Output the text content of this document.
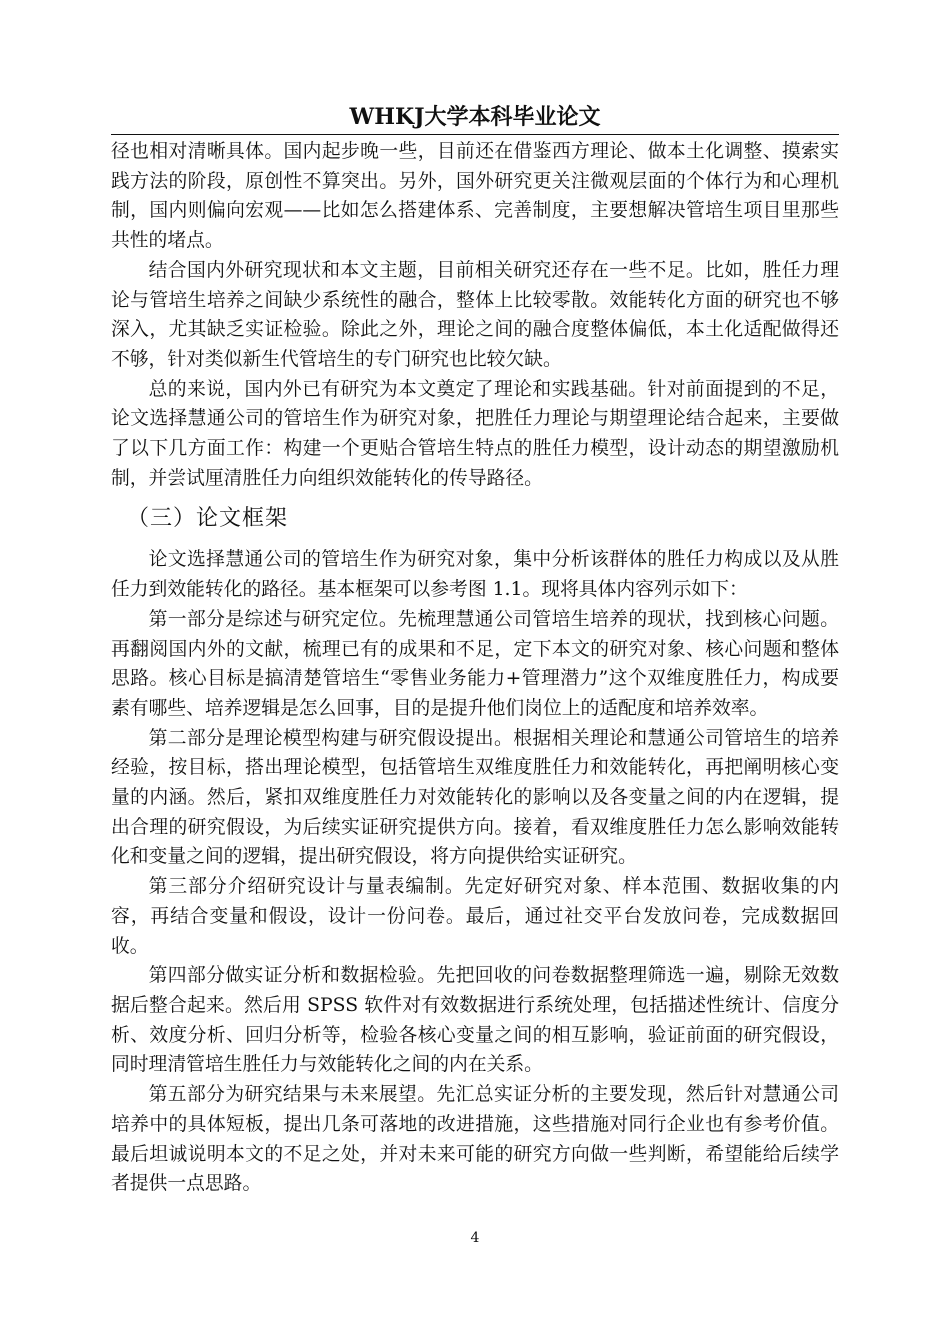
WHKJ大学本科毕业论文

径也相对清晰具体。国内起步晚一些，目前还在借鉴西方理论、做本土化调整、摸索实践方法的阶段，原创性不算突出。另外，国外研究更关注微观层面的个体行为和心理机制，国内则偏向宏观——比如怎么搭建体系、完善制度，主要想解决管培生项目里那些共性的堵点。

结合国内外研究现状和本文主题，目前相关研究还存在一些不足。比如，胜任力理论与管培生培养之间缺少系统性的融合，整体上比较零散。效能转化方面的研究也不够深入，尤其缺乏实证检验。除此之外，理论之间的融合度整体偏低，本土化适配做得还不够，针对类似新生代管培生的专门研究也比较欠缺。

总的来说，国内外已有研究为本文奠定了理论和实践基础。针对前面提到的不足，论文选择慧通公司的管培生作为研究对象，把胜任力理论与期望理论结合起来，主要做了以下几方面工作：构建一个更贴合管培生特点的胜任力模型，设计动态的期望激励机制，并尝试厘清胜任力向组织效能转化的传导路径。

（三）论文框架

论文选择慧通公司的管培生作为研究对象，集中分析该群体的胜任力构成以及从胜任力到效能转化的路径。基本框架可以参考图 1.1。现将具体内容列示如下：

第一部分是综述与研究定位。先梳理慧通公司管培生培养的现状，找到核心问题。再翻阅国内外的文献，梳理已有的成果和不足，定下本文的研究对象、核心问题和整体思路。核心目标是搞清楚管培生“零售业务能力+管理潜力”这个双维度胜任力，构成要素有哪些、培养逻辑是怎么回事，目的是提升他们岗位上的适配度和培养效率。

第二部分是理论模型构建与研究假设提出。根据相关理论和慧通公司管培生的培养经验，按目标，搭出理论模型，包括管培生双维度胜任力和效能转化，再把阐明核心变量的内涵。然后，紧扣双维度胜任力对效能转化的影响以及各变量之间的内在逻辑，提出合理的研究假设，为后续实证研究提供方向。接着，看双维度胜任力怎么影响效能转化和变量之间的逻辑，提出研究假设，将方向提供给实证研究。

第三部分介绍研究设计与量表编制。先定好研究对象、样本范围、数据收集的内容，再结合变量和假设，设计一份问卷。最后，通过社交平台发放问卷，完成数据回收。

第四部分做实证分析和数据检验。先把回收的问卷数据整理筛选一遍，剔除无效数据后整合起来。然后用 SPSS 软件对有效数据进行系统处理，包括描述性统计、信度分析、效度分析、回归分析等，检验各核心变量之间的相互影响，验证前面的研究假设，同时理清管培生胜任力与效能转化之间的内在关系。

第五部分为研究结果与未来展望。先汇总实证分析的主要发现，然后针对慧通公司培养中的具体短板，提出几条可落地的改进措施，这些措施对同行企业也有参考价值。最后坦诚说明本文的不足之处，并对未来可能的研究方向做一些判断，希望能给后续学者提供一点思路。

4
